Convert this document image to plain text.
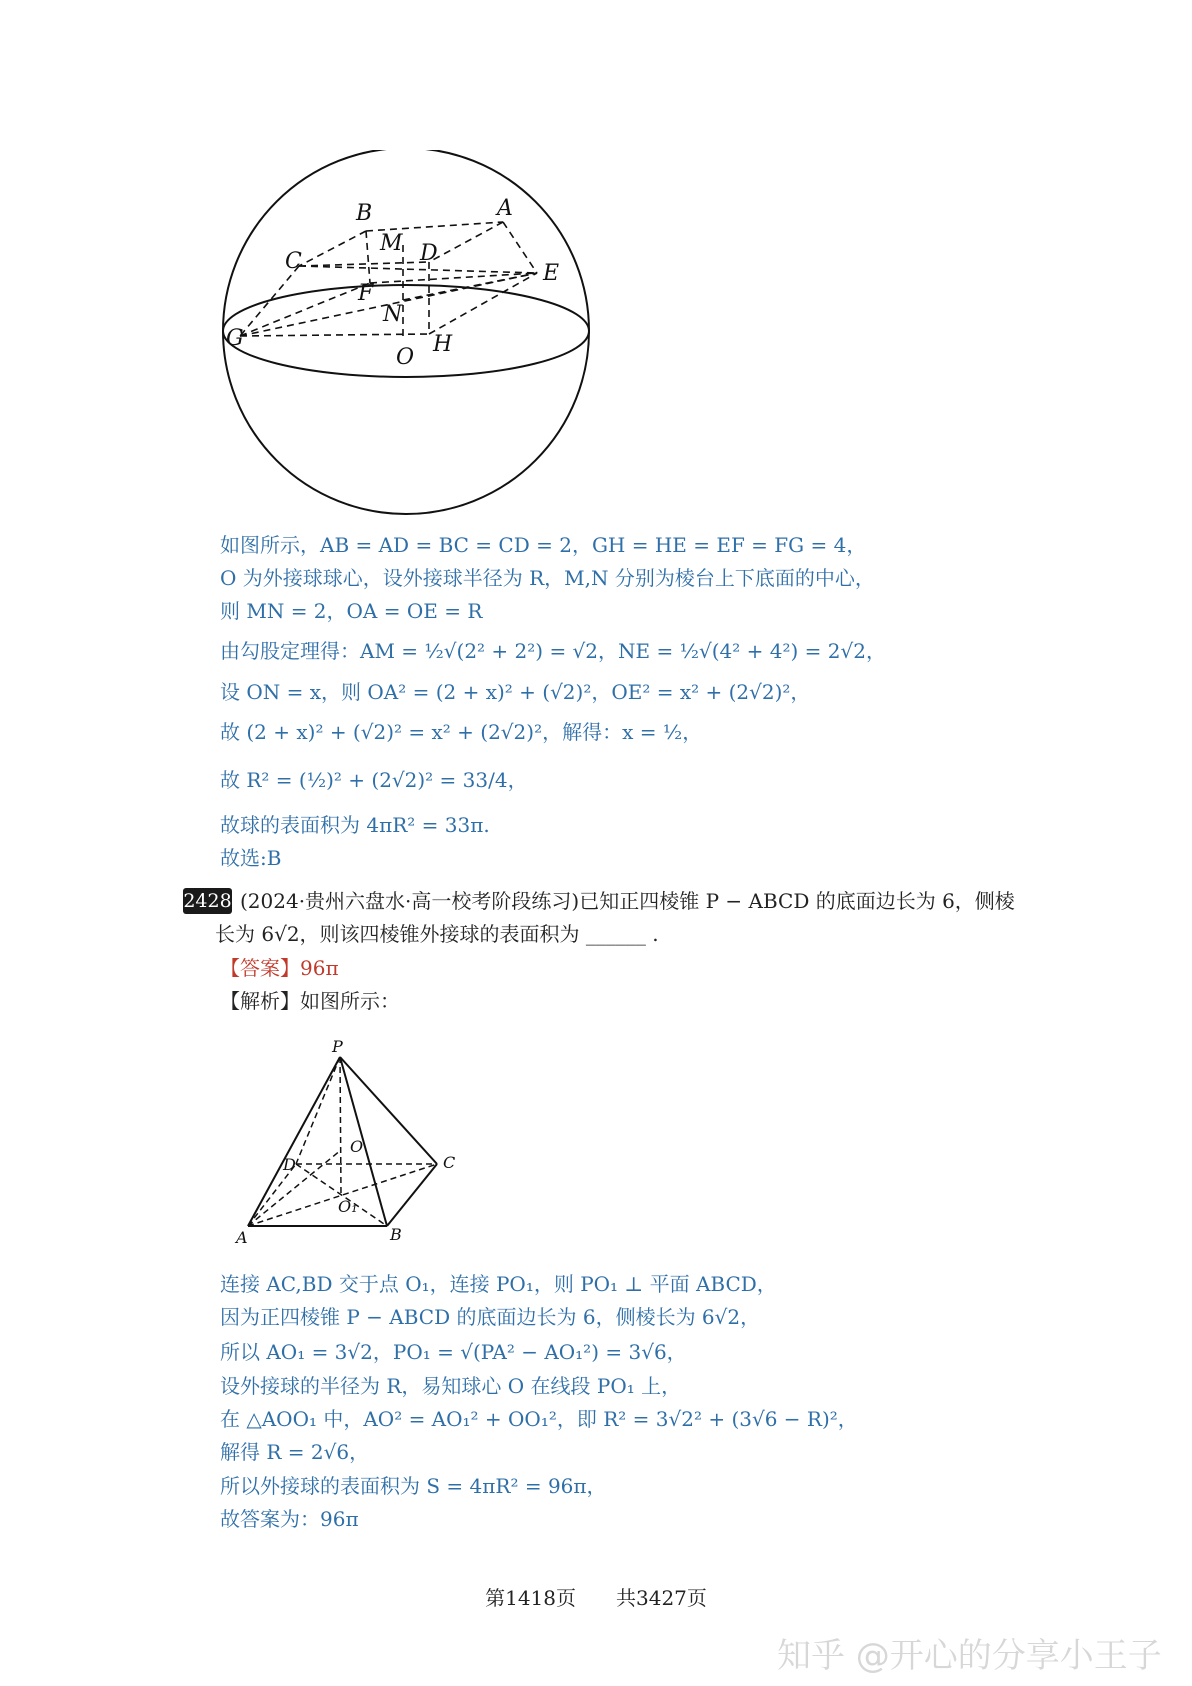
B	A
C
M D
E
F
N
G	H
O
如图所示，AB = AD = BC = CD = 2，GH = HE = EF = FG = 4，
O 为外接球球心，设外接球半径为 R，M,N 分别为棱台上下底面的中心，
则 MN = 2，OA = OE = R
由勾股定理得：AM = ½√(2² + 2²) = √2，NE = ½√(4² + 4²) = 2√2，
设 ON = x，则 OA² = (2 + x)² + (√2)²，OE² = x² + (2√2)²，
故 (2 + x)² + (√2)² = x² + (2√2)²，解得：x = ½，
故 R² = (½)² + (2√2)² = 33/4，
故球的表面积为 4πR² = 33π.
故选:B
2428 (2024·贵州六盘水·高一校考阶段练习)已知正四棱锥 P − ABCD 的底面边长为 6，侧棱
长为 6√2，则该四棱锥外接球的表面积为 ______ .
【答案】96π
【解析】如图所示：
P
O
D	C
O₁
A	B
连接 AC,BD 交于点 O₁，连接 PO₁，则 PO₁ ⊥ 平面 ABCD，
因为正四棱锥 P − ABCD 的底面边长为 6，侧棱长为 6√2，
所以 AO₁ = 3√2，PO₁ = √(PA² − AO₁²) = 3√6，
设外接球的半径为 R，易知球心 O 在线段 PO₁ 上，
在 △AOO₁ 中，AO² = AO₁² + OO₁²，即 R² = 3√2² + (3√6 − R)²，
解得 R = 2√6，
所以外接球的表面积为 S = 4πR² = 96π，
故答案为：96π
第1418页　　共3427页
知乎 @开心的分享小王子
